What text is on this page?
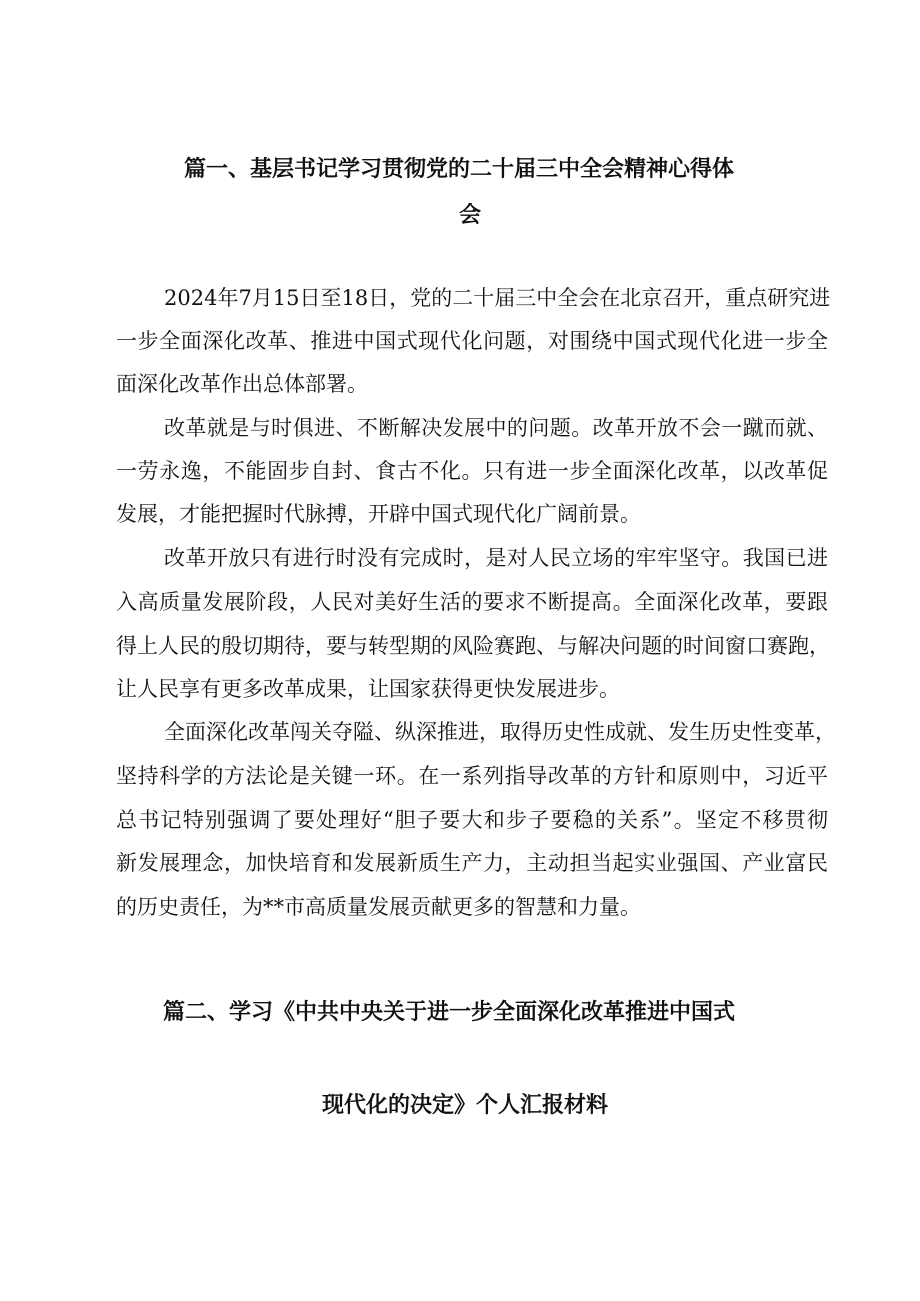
篇一、基层书记学习贯彻党的二十届三中全会精神心得体
会

2024年7月15日至18日，党的二十届三中全会在北京召开，重点研究进

一步全面深化改革、推进中国式现代化问题，对围绕中国式现代化进一步全

面深化改革作出总体部署。

改革就是与时俱进、不断解决发展中的问题。改革开放不会一蹴而就、

一劳永逸，不能固步自封、食古不化。只有进一步全面深化改革，以改革促

发展，才能把握时代脉搏，开辟中国式现代化广阔前景。

改革开放只有进行时没有完成时，是对人民立场的牢牢坚守。我国已进

入高质量发展阶段，人民对美好生活的要求不断提高。全面深化改革，要跟

得上人民的殷切期待，要与转型期的风险赛跑、与解决问题的时间窗口赛跑，

让人民享有更多改革成果，让国家获得更快发展进步。

全面深化改革闯关夺隘、纵深推进，取得历史性成就、发生历史性变革，

坚持科学的方法论是关键一环。在一系列指导改革的方针和原则中，习近平

总书记特别强调了要处理好“胆子要大和步子要稳的关系”。坚定不移贯彻

新发展理念，加快培育和发展新质生产力，主动担当起实业强国、产业富民

的历史责任，为**市高质量发展贡献更多的智慧和力量。

篇二、学习《中共中央关于进一步全面深化改革推进中国式
现代化的决定》个人汇报材料
